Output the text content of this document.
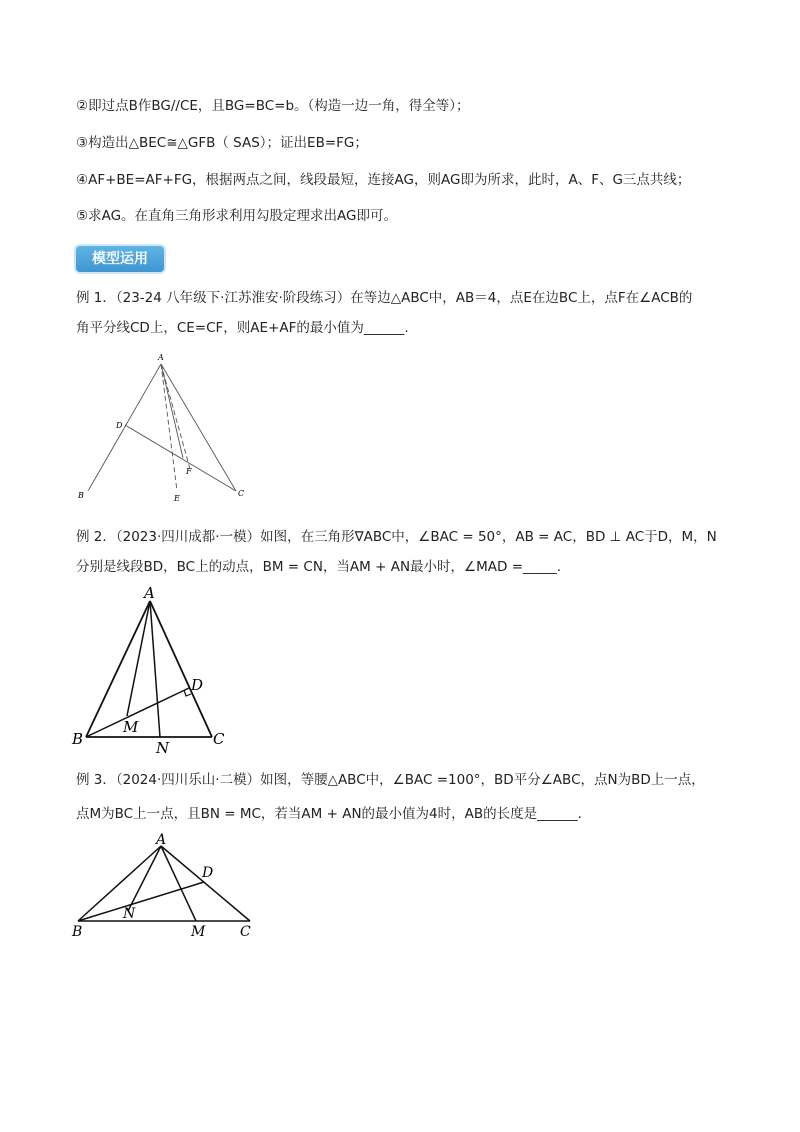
②即过点B作BG//CE，且BG=BC=b。（构造一边一角，得全等）；
③构造出△BEC≅△GFB（ SAS）；证出EB=FG；
④AF+BE=AF+FG，根据两点之间，线段最短，连接AG，则AG即为所求，此时，A、F、G三点共线；
⑤求AG。在直角三角形求利用勾股定理求出AG即可。
模型运用
例 1．（23-24 八年级下·江苏淮安·阶段练习）在等边△ABC中，AB＝4，点E在边BC上，点F在∠ACB的
角平分线CD上，CE=CF，则AE+AF的最小值为______.
A
B	C
D
E
F
例 2．（2023·四川成都·一模）如图，在三角形∇ABC中，∠BAC = 50°，AB = AC，BD ⊥ AC于D，M，N
分别是线段BD，BC上的动点，BM = CN，当AM + AN最小时，∠MAD =_____.
A
B	C
D
M
N
例 3．（2024·四川乐山·二模）如图，等腰△ABC中，∠BAC =100°，BD平分∠ABC，点N为BD上一点，
点M为BC上一点，且BN = MC，若当AM + AN的最小值为4时，AB的长度是______.
A
B	C
D
M
N
